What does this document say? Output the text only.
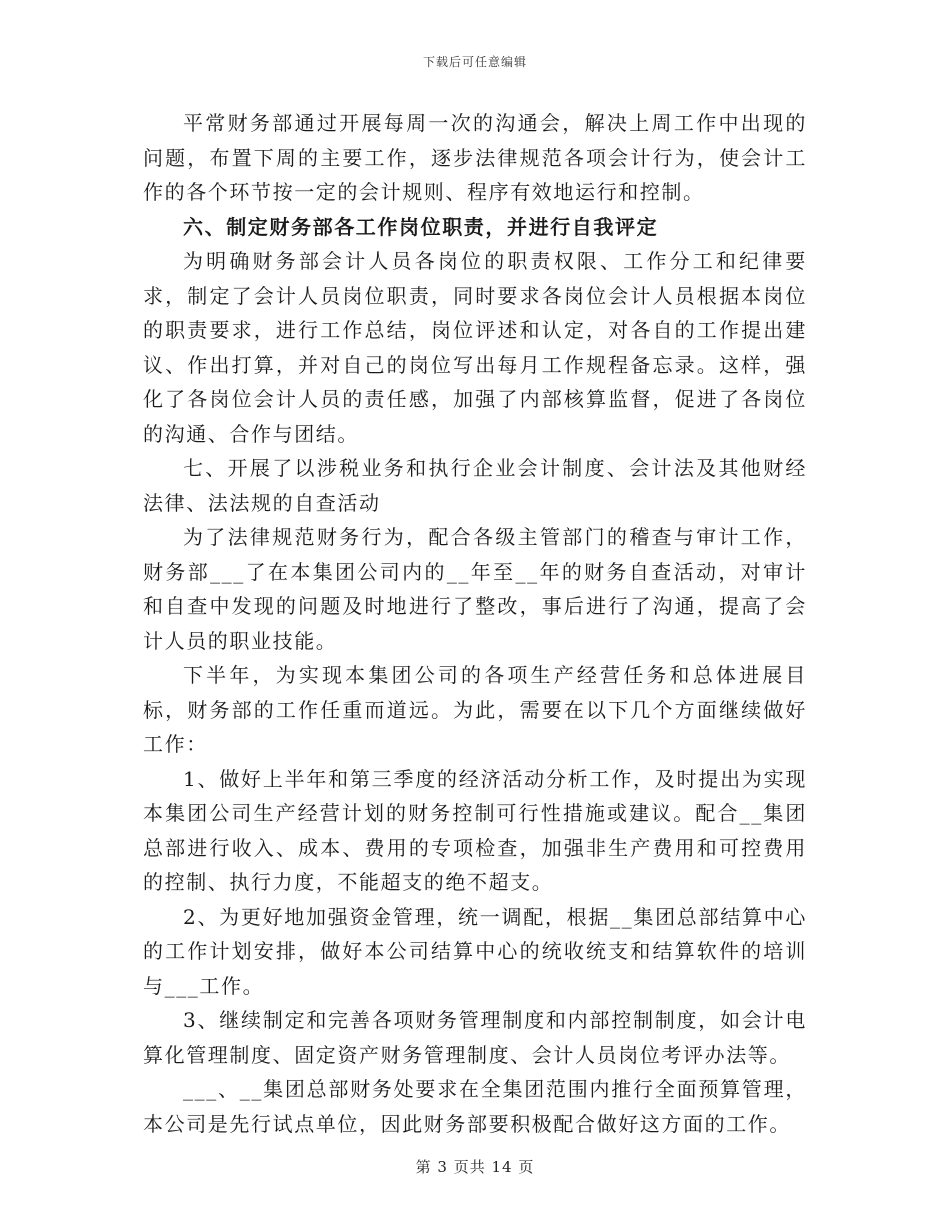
下载后可任意编辑

平常财务部通过开展每周一次的沟通会，解决上周工作中出现的问题，布置下周的主要工作，逐步法律规范各项会计行为，使会计工作的各个环节按一定的会计规则、程序有效地运行和控制。

六、制定财务部各工作岗位职责，并进行自我评定

为明确财务部会计人员各岗位的职责权限、工作分工和纪律要求，制定了会计人员岗位职责，同时要求各岗位会计人员根据本岗位的职责要求，进行工作总结，岗位评述和认定，对各自的工作提出建议、作出打算，并对自己的岗位写出每月工作规程备忘录。这样，强化了各岗位会计人员的责任感，加强了内部核算监督，促进了各岗位的沟通、合作与团结。

七、开展了以涉税业务和执行企业会计制度、会计法及其他财经法律、法法规的自查活动

为了法律规范财务行为，配合各级主管部门的稽查与审计工作，财务部___了在本集团公司内的__年至__年的财务自查活动，对审计和自查中发现的问题及时地进行了整改，事后进行了沟通，提高了会计人员的职业技能。

下半年，为实现本集团公司的各项生产经营任务和总体进展目标，财务部的工作任重而道远。为此，需要在以下几个方面继续做好工作：

1、做好上半年和第三季度的经济活动分析工作，及时提出为实现本集团公司生产经营计划的财务控制可行性措施或建议。配合__集团总部进行收入、成本、费用的专项检查，加强非生产费用和可控费用的控制、执行力度，不能超支的绝不超支。

2、为更好地加强资金管理，统一调配，根据__集团总部结算中心的工作计划安排，做好本公司结算中心的统收统支和结算软件的培训与___工作。

3、继续制定和完善各项财务管理制度和内部控制制度，如会计电算化管理制度、固定资产财务管理制度、会计人员岗位考评办法等。

___、__集团总部财务处要求在全集团范围内推行全面预算管理，本公司是先行试点单位，因此财务部要积极配合做好这方面的工作。

第 3 页共 14 页
